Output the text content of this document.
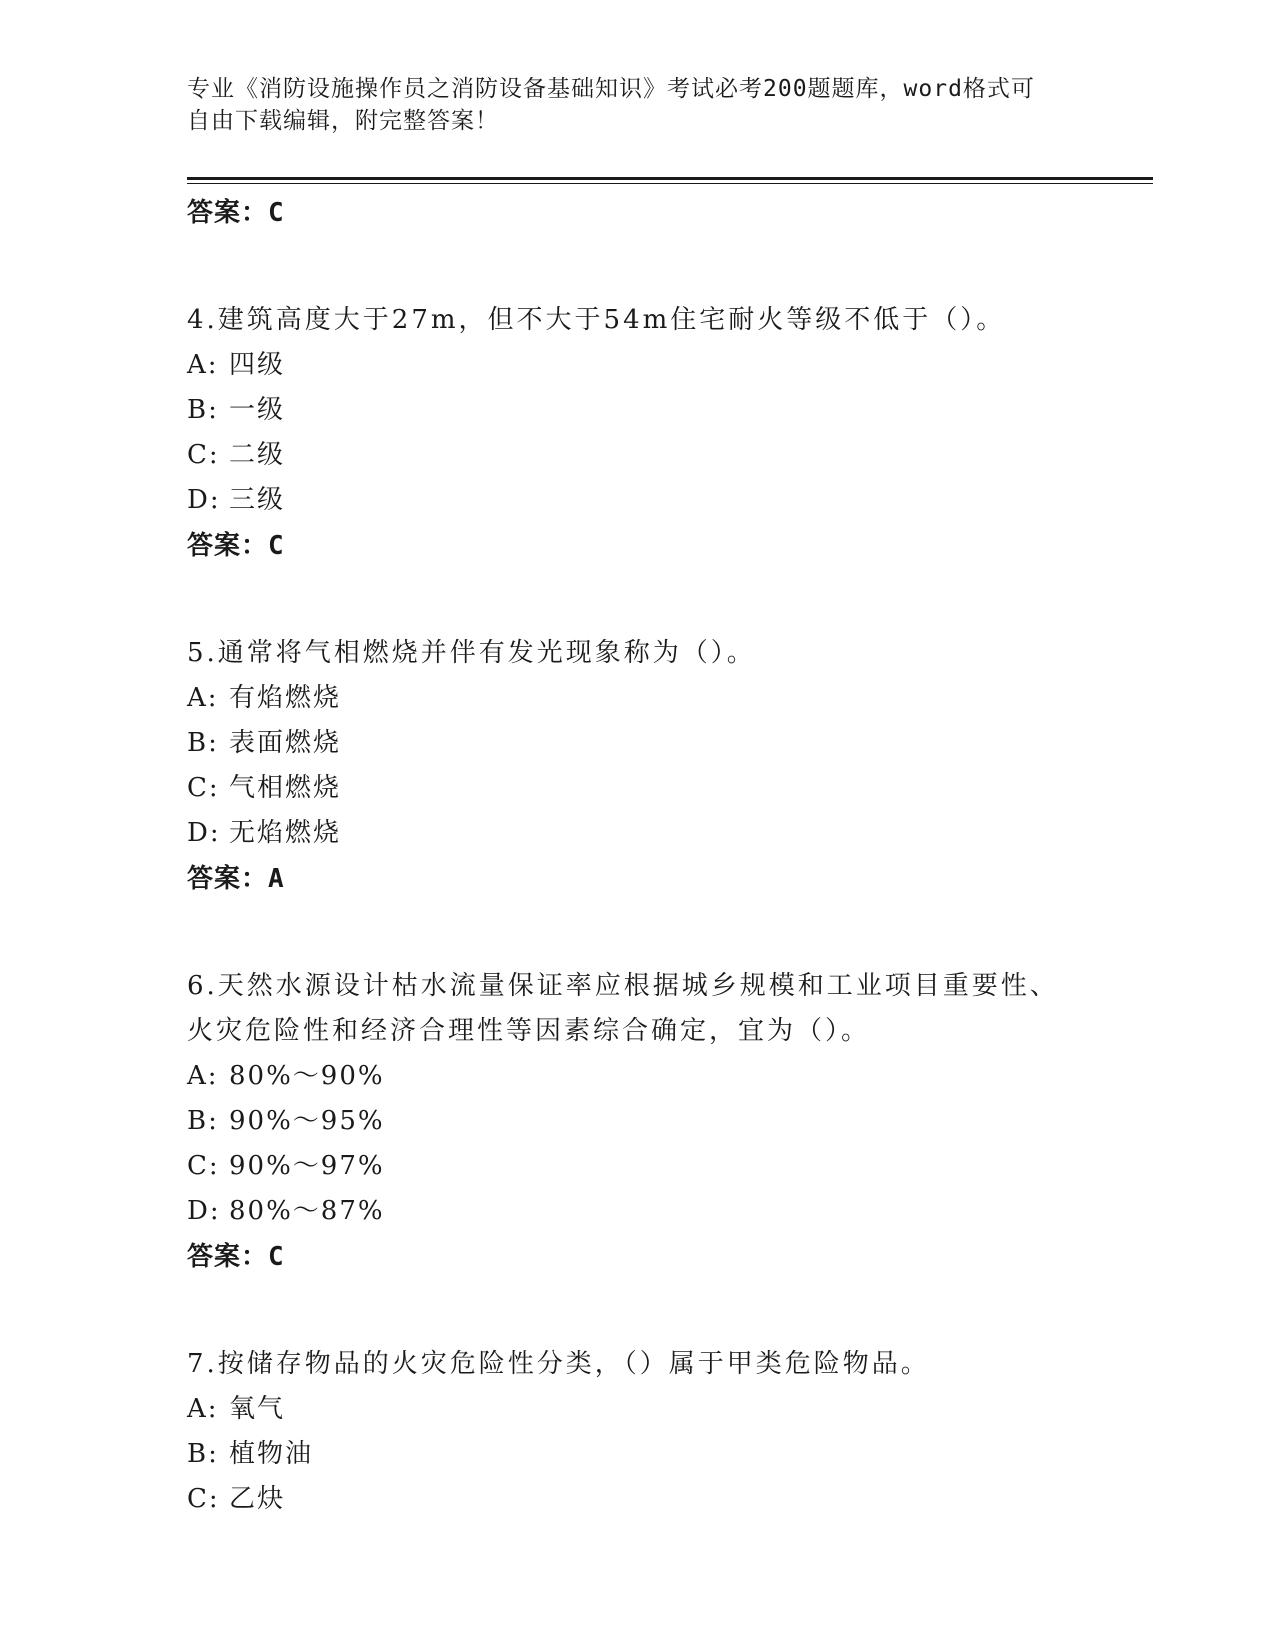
专业《消防设施操作员之消防设备基础知识》考试必考200题题库，word格式可
自由下载编辑，附完整答案！
答案：C
4.建筑高度大于27m，但不大于54m住宅耐火等级不低于（）。
A: 四级
B: 一级
C: 二级
D: 三级
答案：C
5.通常将气相燃烧并伴有发光现象称为（）。
A: 有焰燃烧
B: 表面燃烧
C: 气相燃烧
D: 无焰燃烧
答案：A
6.天然水源设计枯水流量保证率应根据城乡规模和工业项目重要性、
火灾危险性和经济合理性等因素综合确定，宜为（）。
A: 80%～90%
B: 90%～95%
C: 90%～97%
D: 80%～87%
答案：C
7.按储存物品的火灾危险性分类，（）属于甲类危险物品。
A: 氧气
B: 植物油
C: 乙炔
